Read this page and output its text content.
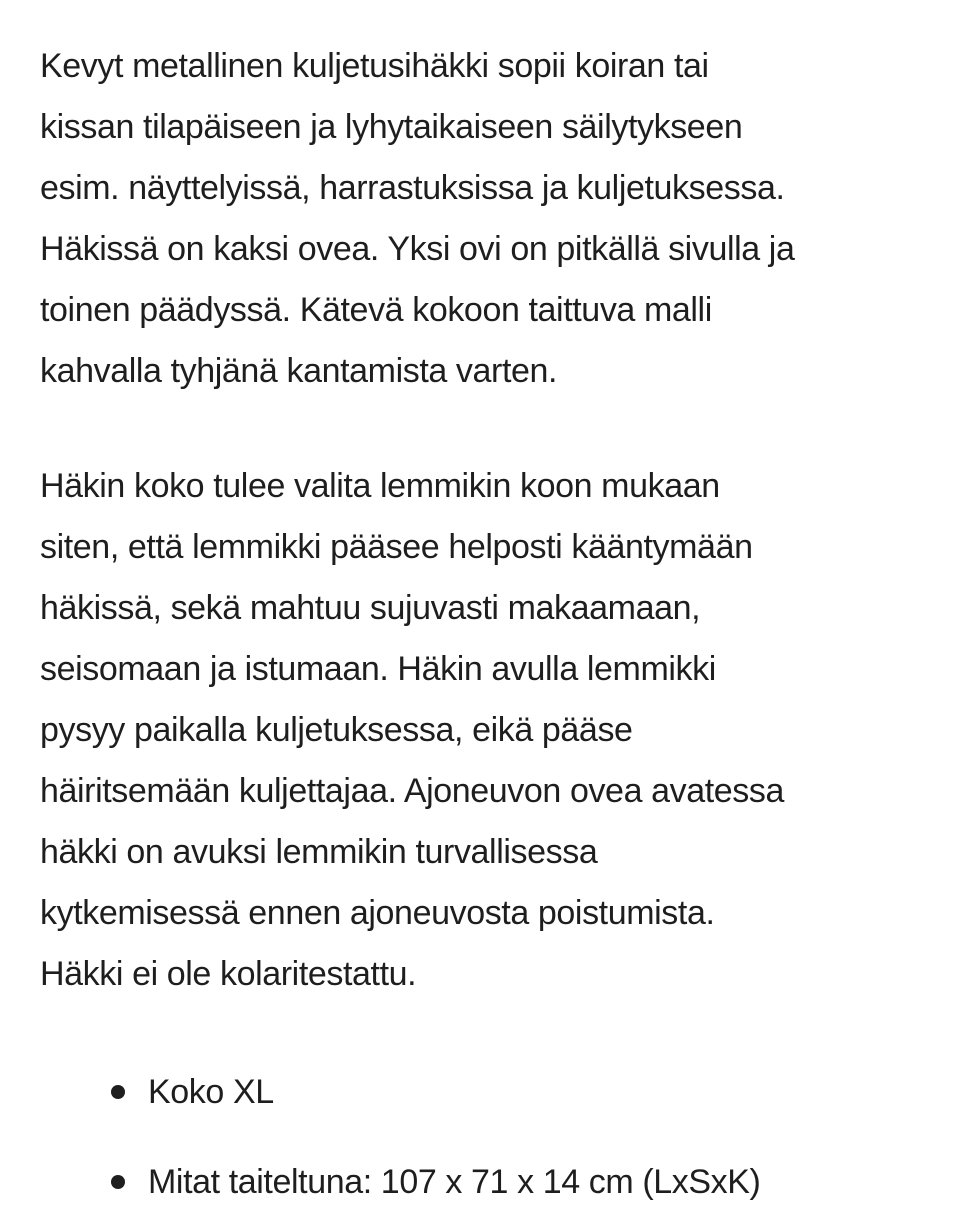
Kevyt metallinen kuljetusihäkki sopii koiran tai
kissan tilapäiseen ja lyhytaikaiseen säilytykseen
esim. näyttelyissä, harrastuksissa ja kuljetuksessa.
Häkissä on kaksi ovea. Yksi ovi on pitkällä sivulla ja
toinen päädyssä. Kätevä kokoon taittuva malli
kahvalla tyhjänä kantamista varten.

Häkin koko tulee valita lemmikin koon mukaan
siten, että lemmikki pääsee helposti kääntymään
häkissä, sekä mahtuu sujuvasti makaamaan,
seisomaan ja istumaan. Häkin avulla lemmikki
pysyy paikalla kuljetuksessa, eikä pääse
häiritsemään kuljettajaa. Ajoneuvon ovea avatessa
häkki on avuksi lemmikin turvallisessa
kytkemisessä ennen ajoneuvosta poistumista.
Häkki ei ole kolaritestattu.

Koko XL
Mitat taiteltuna: 107 x 71 x 14 cm (LxSxK)
